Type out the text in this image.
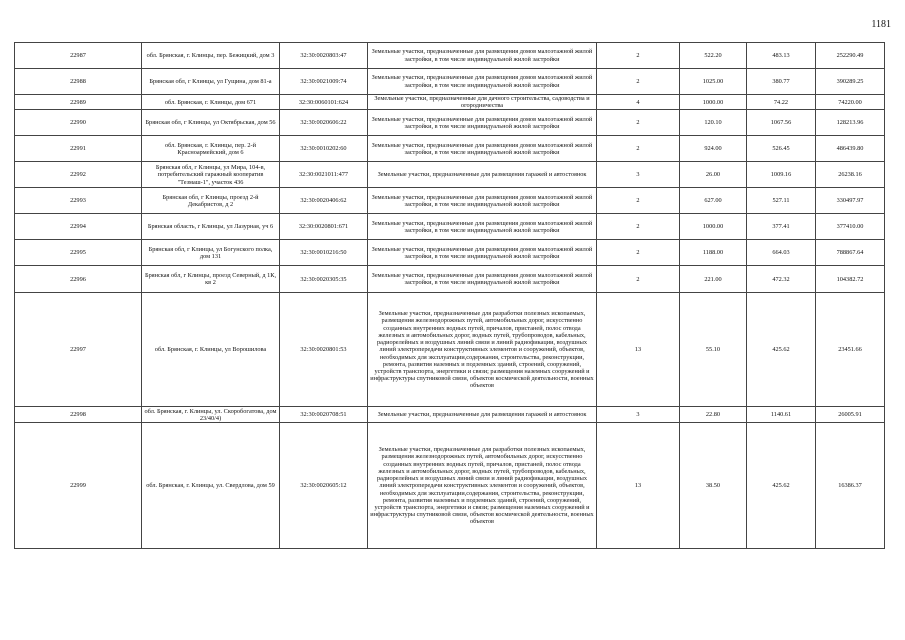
1181
22987	обл. Брянская, г. Клинцы, пер. Бежицкий, дом 3	32:30:0020803:47	Земельные участки, предназначенные для размещения домов малоэтажной жилой застройки, в том числе индивидуальной жилой застройки	2	522.20	483.13	252290.49
22988	Брянская обл, г Клинцы, ул Гущина, дом 81-а	32:30:0021009:74	Земельные участки, предназначенные для размещения домов малоэтажной жилой застройки, в том числе индивидуальной жилой застройки	2	1025.00	380.77	390289.25
22989	обл. Брянская, г. Клинцы, дом 671	32:30:0060101:624	Земельные участки, предназначенные для дачного строительства, садоводства и огородничества	4	1000.00	74.22	74220.00
22990	Брянская обл, г Клинцы, ул Октябрьская, дом 56	32:30:0020606:22	Земельные участки, предназначенные для размещения домов малоэтажной жилой застройки, в том числе индивидуальной жилой застройки	2	120.10	1067.56	128213.96
22991	обл. Брянская, г. Клинцы, пер. 2-й Красноармейский, дом 6	32:30:0010202:60	Земельные участки, предназначенные для размещения домов малоэтажной жилой застройки, в том числе индивидуальной жилой застройки	2	924.00	526.45	486439.80
22992	Брянская обл, г Клинцы, ул Мира, 104-в, потребительский гаражный кооператив "Тезмаш-1", участок 436	32:30:0021011:477	Земельные участки, предназначенные для размещения гаражей и автостоянок	3	26.00	1009.16	26238.16
22993	Брянская обл, г Клинцы, проезд 2-й Декабристов, д 2	32:30:0020406:62	Земельные участки, предназначенные для размещения домов малоэтажной жилой застройки, в том числе индивидуальной жилой застройки	2	627.00	527.11	330497.97
22994	Брянская область, г Клинцы, ул Лазурная, уч 6	32:30:0020801:671	Земельные участки, предназначенные для размещения домов малоэтажной жилой застройки, в том числе индивидуальной жилой застройки	2	1000.00	377.41	377410.00
22995	Брянская обл, г Клинцы, ул Богунского полка, дом 131	32:30:0010216:50	Земельные участки, предназначенные для размещения домов малоэтажной жилой застройки, в том числе индивидуальной жилой застройки	2	1188.00	664.03	788867.64
22996	Брянская обл, г Клинцы, проезд Северный, д 1К, кв 2	32:30:0020305:35	Земельные участки, предназначенные для размещения домов малоэтажной жилой застройки, в том числе индивидуальной жилой застройки	2	221.00	472.32	104382.72
22997	обл. Брянская, г. Клинцы, ул Ворошилова	32:30:0020801:53	Земельные участки, предназначенные для разработки полезных ископаемых, размещения железнодорожных путей, автомобильных дорог, искусственно созданных внутренних водных путей, причалов, пристаней, полос отвода железных и автомобильных дорог, водных путей, трубопроводов, кабельных, радиорелейных и воздушных линий связи и линий радиофикации, воздушных линий электропередачи конструктивных элементов и сооружений, объектов, необходимых для эксплуатации,содержания, строительства, реконструкции, ремонта, развития наземных и подземных зданий, строений, сооружений, устройств транспорта, энергетики и связи; размещения наземных сооружений и инфраструктуры спутниковой связи, объектов космической деятельности, военных объектов	13	55.10	425.62	23451.66
22998	обл. Брянская, г. Клинцы, ул. Скоробогатова, дом 23/40/4)	32:30:0020708:51	Земельные участки, предназначенные для размещения гаражей и автостоянок	3	22.80	1140.61	26005.91
22999	обл. Брянская, г. Клинцы, ул. Свердлова, дом 59	32:30:0020605:12	Земельные участки, предназначенные для разработки полезных ископаемых, размещения железнодорожных путей, автомобильных дорог, искусственно созданных внутренних водных путей, причалов, пристаней, полос отвода железных и автомобильных дорог, водных путей, трубопроводов, кабельных, радиорелейных и воздушных линий связи и линий радиофикации, воздушных линий электропередачи конструктивных элементов и сооружений, объектов, необходимых для эксплуатации,содержания, строительства, реконструкции, ремонта, развития наземных и подземных зданий, строений, сооружений, устройств транспорта, энергетики и связи; размещения наземных сооружений и инфраструктуры спутниковой связи, объектов космической деятельности, военных объектов	13	38.50	425.62	16386.37
